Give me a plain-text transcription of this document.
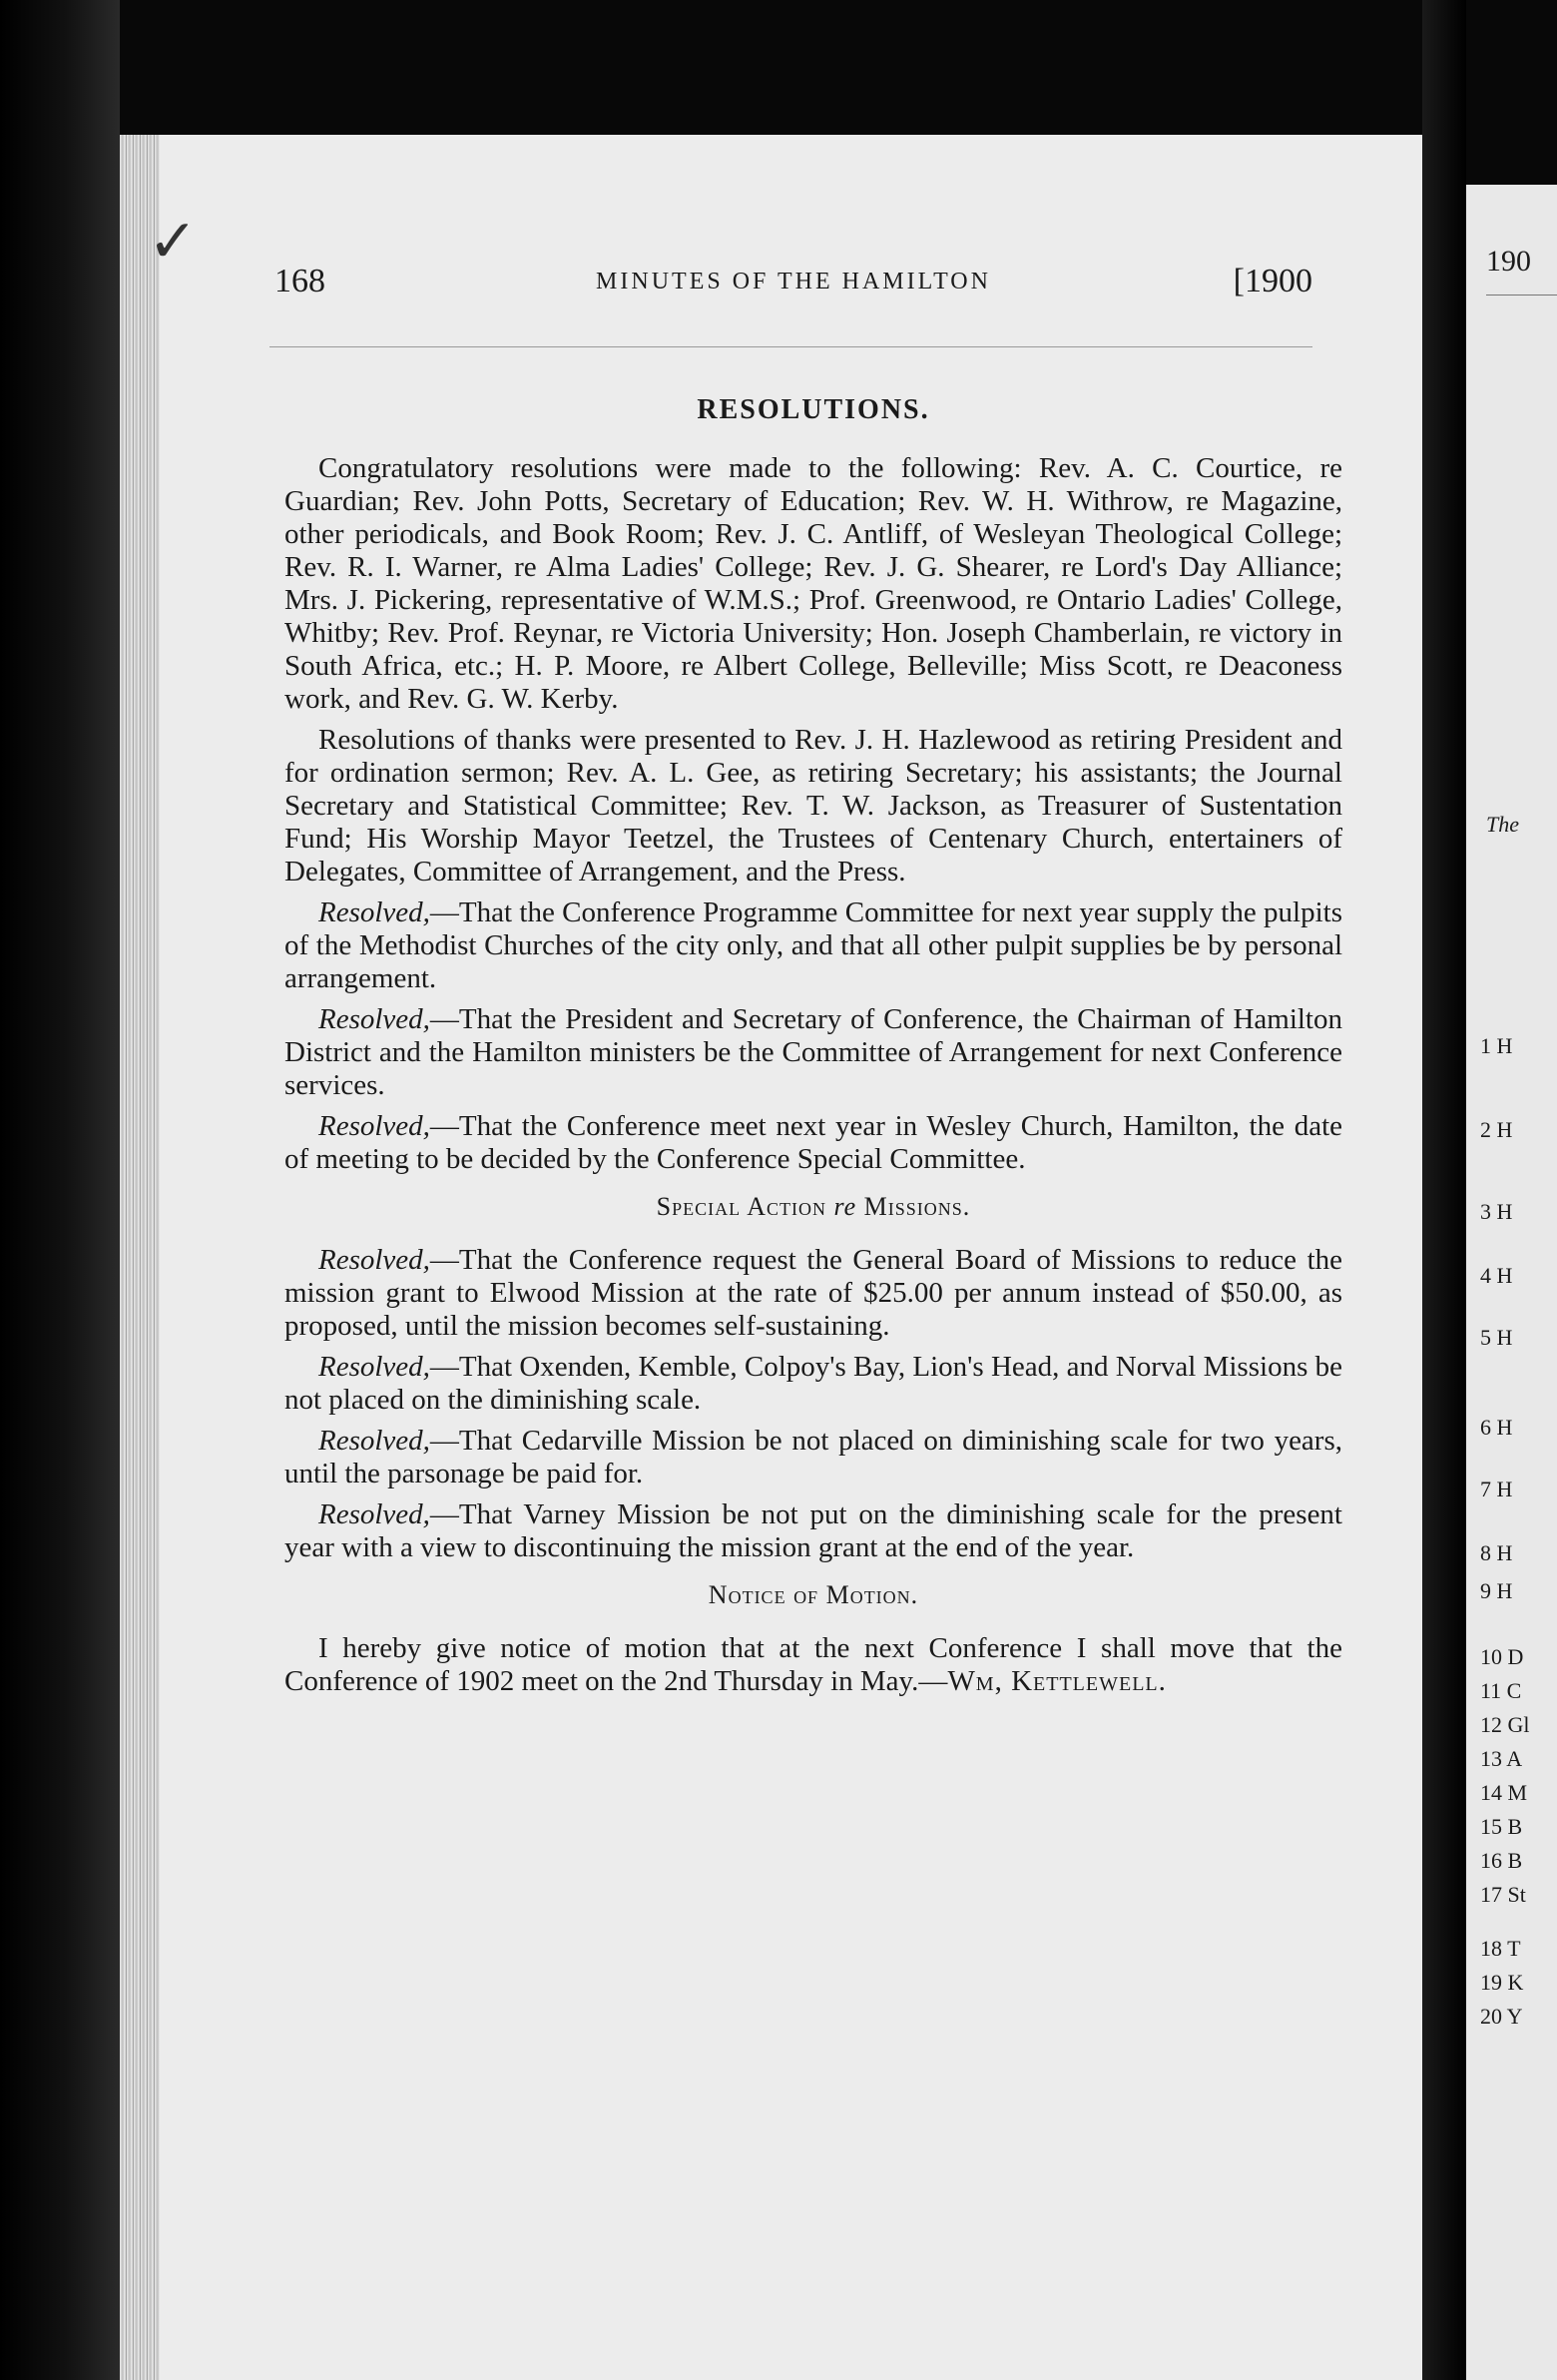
✓
168	MINUTES OF THE HAMILTON	[1900
RESOLUTIONS.

Congratulatory resolutions were made to the following: Rev. A. C. Courtice, re Guardian; Rev. John Potts, Secretary of Education; Rev. W. H. Withrow, re Magazine, other periodicals, and Book Room; Rev. J. C. Antliff, of Wesleyan Theological College; Rev. R. I. Warner, re Alma Ladies' College; Rev. J. G. Shearer, re Lord's Day Alliance; Mrs. J. Pickering, representative of W.M.S.; Prof. Greenwood, re Ontario Ladies' College, Whitby; Rev. Prof. Reynar, re Victoria University; Hon. Joseph Chamberlain, re victory in South Africa, etc.; H. P. Moore, re Albert College, Belleville; Miss Scott, re Deaconess work, and Rev. G. W. Kerby.

Resolutions of thanks were presented to Rev. J. H. Hazlewood as retiring President and for ordination sermon; Rev. A. L. Gee, as retiring Secretary; his assistants; the Journal Secretary and Statistical Committee; Rev. T. W. Jackson, as Treasurer of Sustentation Fund; His Worship Mayor Teetzel, the Trustees of Centenary Church, entertainers of Delegates, Committee of Arrangement, and the Press.

Resolved,—That the Conference Programme Committee for next year supply the pulpits of the Methodist Churches of the city only, and that all other pulpit supplies be by personal arrangement.

Resolved,—That the President and Secretary of Conference, the Chairman of Hamilton District and the Hamilton ministers be the Committee of Arrangement for next Conference services.

Resolved,—That the Conference meet next year in Wesley Church, Hamilton, the date of meeting to be decided by the Conference Special Committee.

Special Action re Missions.

Resolved,—That the Conference request the General Board of Missions to reduce the mission grant to Elwood Mission at the rate of $25.00 per annum instead of $50.00, as proposed, until the mission becomes self-sustaining.

Resolved,—That Oxenden, Kemble, Colpoy's Bay, Lion's Head, and Norval Missions be not placed on the diminishing scale.

Resolved,—That Cedarville Mission be not placed on diminishing scale for two years, until the parsonage be paid for.

Resolved,—That Varney Mission be not put on the diminishing scale for the present year with a view to discontinuing the mission grant at the end of the year.

Notice of Motion.

I hereby give notice of motion that at the next Conference I shall move that the Conference of 1902 meet on the 2nd Thursday in May.—Wm, Kettlewell.

190
The
1 H
2 H
3 H
4 H
5 H
6 H
7 H
8 H
9 H
10 D
11 C
12 Gl
13 A
14 M
15 B
16 B
17 St
18 T
19 K
20 Y
